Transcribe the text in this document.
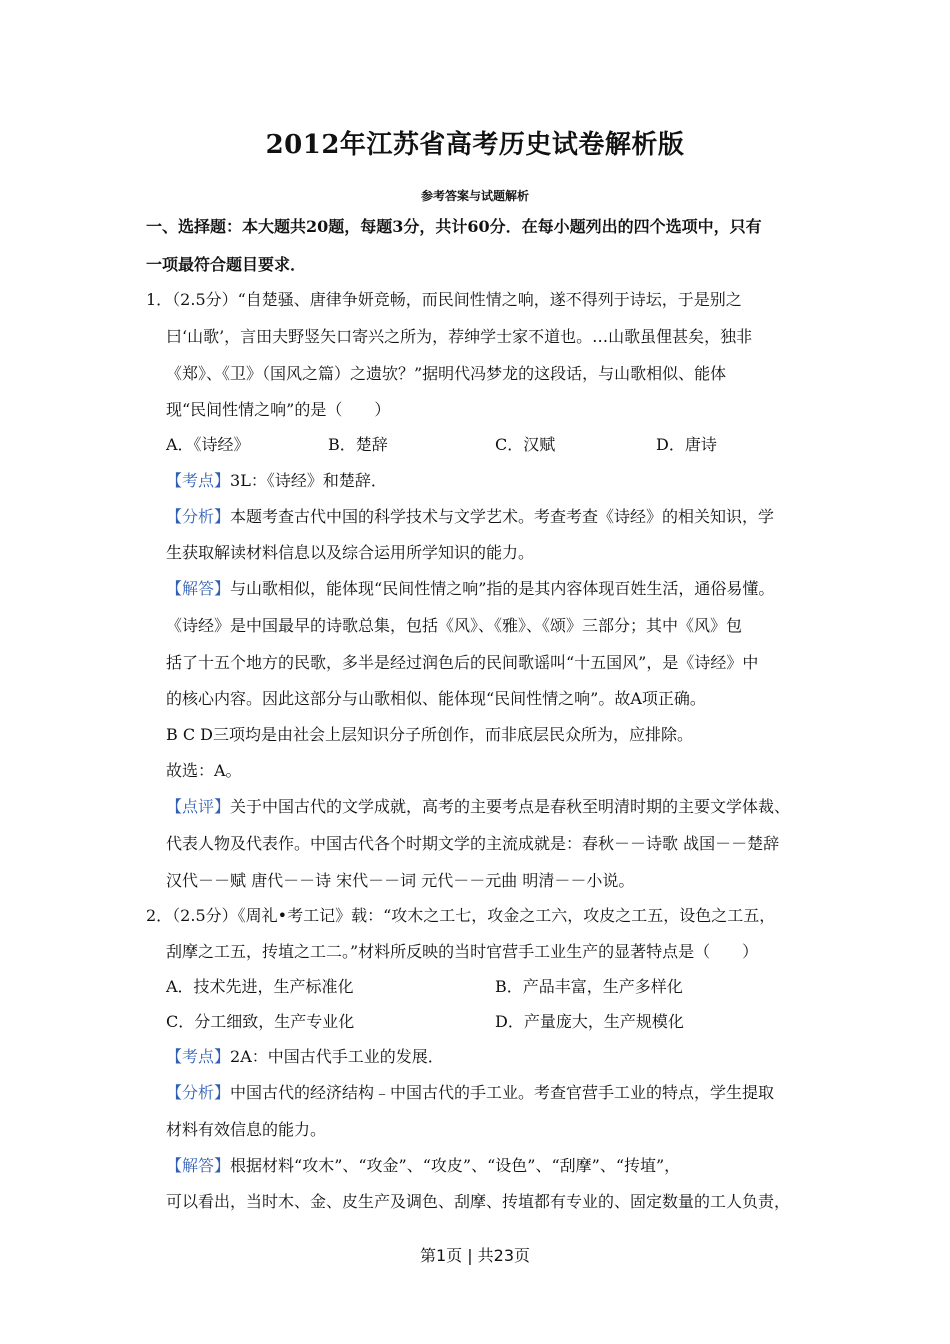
2012年江苏省高考历史试卷解析版
参考答案与试题解析
一、选择题：本大题共20题，每题3分，共计60分．在每小题列出的四个选项中，只有
一项最符合题目要求．
1．（2.5分）“自楚骚、唐律争妍竞畅，而民间性情之响，遂不得列于诗坛，于是别之
曰‘山歌’，言田夫野竖矢口寄兴之所为，荐绅学士家不道也。…山歌虽俚甚矣，独非
《郑》、《卫》（国风之篇）之遗欤？”据明代冯梦龙的这段话，与山歌相似、能体
现“民间性情之响”的是（　　）
A．《诗经》	B．楚辞	C．汉赋	D．唐诗
【考点】3L：《诗经》和楚辞．
【分析】本题考查古代中国的科学技术与文学艺术。考查考查《诗经》的相关知识，学
生获取解读材料信息以及综合运用所学知识的能力。
【解答】与山歌相似，能体现“民间性情之响”指的是其内容体现百姓生活，通俗易懂。
《诗经》是中国最早的诗歌总集，包括《风》、《雅》、《颂》三部分；其中《风》包
括了十五个地方的民歌，多半是经过润色后的民间歌谣叫“十五国风”，是《诗经》中
的核心内容。因此这部分与山歌相似、能体现“民间性情之响”。故A项正确。
B C D三项均是由社会上层知识分子所创作，而非底层民众所为，应排除。
故选：A。
【点评】关于中国古代的文学成就，高考的主要考点是春秋至明清时期的主要文学体裁、
代表人物及代表作。中国古代各个时期文学的主流成就是：春秋－－诗歌 战国－－楚辞
汉代－－赋 唐代－－诗 宋代－－词 元代－－元曲 明清－－小说。
2．（2.5分）《周礼•考工记》载：“攻木之工七，攻金之工六，攻皮之工五，设色之工五，
刮摩之工五，抟埴之工二。”材料所反映的当时官营手工业生产的显著特点是（　　）
A．技术先进，生产标准化	B．产品丰富，生产多样化
C．分工细致，生产专业化	D．产量庞大，生产规模化
【考点】2A：中国古代手工业的发展．
【分析】中国古代的经济结构﹣中国古代的手工业。考查官营手工业的特点，学生提取
材料有效信息的能力。
【解答】根据材料“攻木”、“攻金”、“攻皮”、“设色”、“刮摩”、“抟埴”，
可以看出，当时木、金、皮生产及调色、刮摩、抟埴都有专业的、固定数量的工人负责，
第1页 | 共23页
